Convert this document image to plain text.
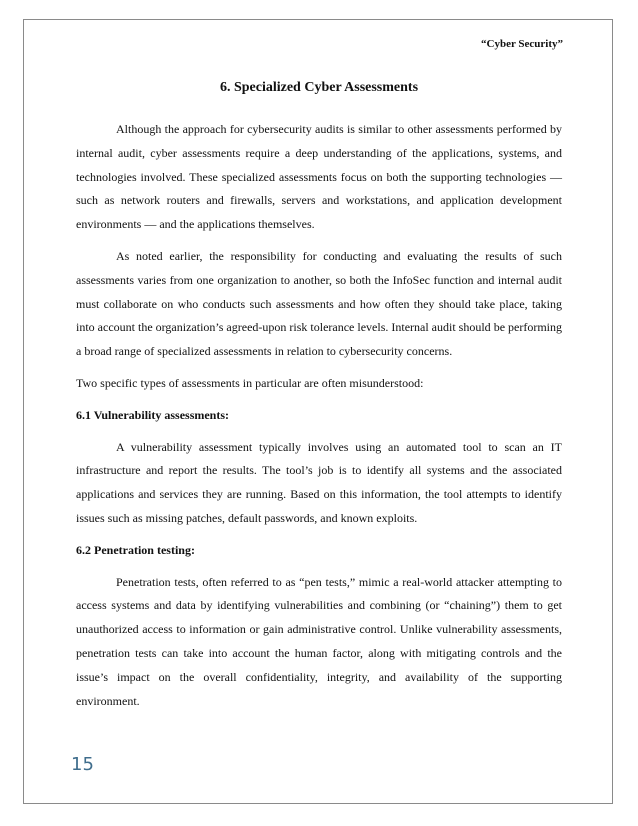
“Cyber Security”
6. Specialized Cyber Assessments

Although the approach for cybersecurity audits is similar to other assessments performed by internal audit, cyber assessments require a deep understanding of the applications, systems, and technologies involved. These specialized assessments focus on both the supporting technologies — such as network routers and firewalls, servers and workstations, and application development environments — and the applications themselves.

As noted earlier, the responsibility for conducting and evaluating the results of such assessments varies from one organization to another, so both the InfoSec function and internal audit must collaborate on who conducts such assessments and how often they should take place, taking into account the organization’s agreed-upon risk tolerance levels. Internal audit should be performing a broad range of specialized assessments in relation to cybersecurity concerns.

Two specific types of assessments in particular are often misunderstood:

6.1 Vulnerability assessments:

A vulnerability assessment typically involves using an automated tool to scan an IT infrastructure and report the results. The tool’s job is to identify all systems and the associated applications and services they are running. Based on this information, the tool attempts to identify issues such as missing patches, default passwords, and known exploits.

6.2 Penetration testing:

Penetration tests, often referred to as “pen tests,” mimic a real-world attacker attempting to access systems and data by identifying vulnerabilities and combining (or “chaining”) them to get unauthorized access to information or gain administrative control. Unlike vulnerability assessments, penetration tests can take into account the human factor, along with mitigating controls and the issue’s impact on the overall confidentiality, integrity, and availability of the supporting environment.

15
